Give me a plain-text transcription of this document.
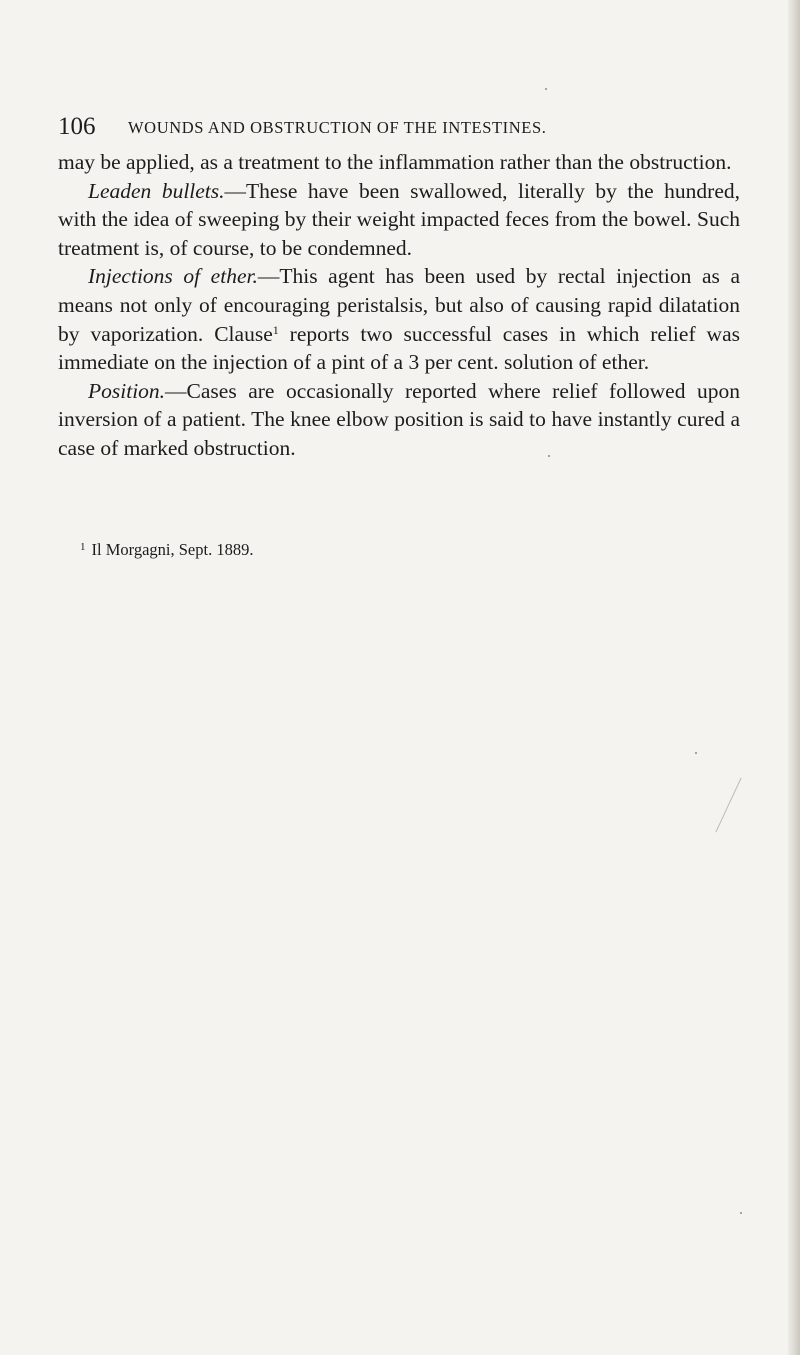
106 WOUNDS AND OBSTRUCTION OF THE INTESTINES.

may be applied, as a treatment to the inflammation rather than the obstruction.

Leaden bullets.—These have been swallowed, literally by the hundred, with the idea of sweeping by their weight impacted feces from the bowel. Such treatment is, of course, to be condemned.

Injections of ether.—This agent has been used by rectal injection as a means not only of encouraging peristalsis, but also of causing rapid dilatation by vaporization. Clause$^1$ reports two successful cases in which relief was immediate on the injection of a pint of a 3 per cent. solution of ether.

Position.—Cases are occasionally reported where relief followed upon inversion of a patient. The knee elbow position is said to have instantly cured a case of marked obstruction.

$^1$ Il Morgagni, Sept. 1889.
